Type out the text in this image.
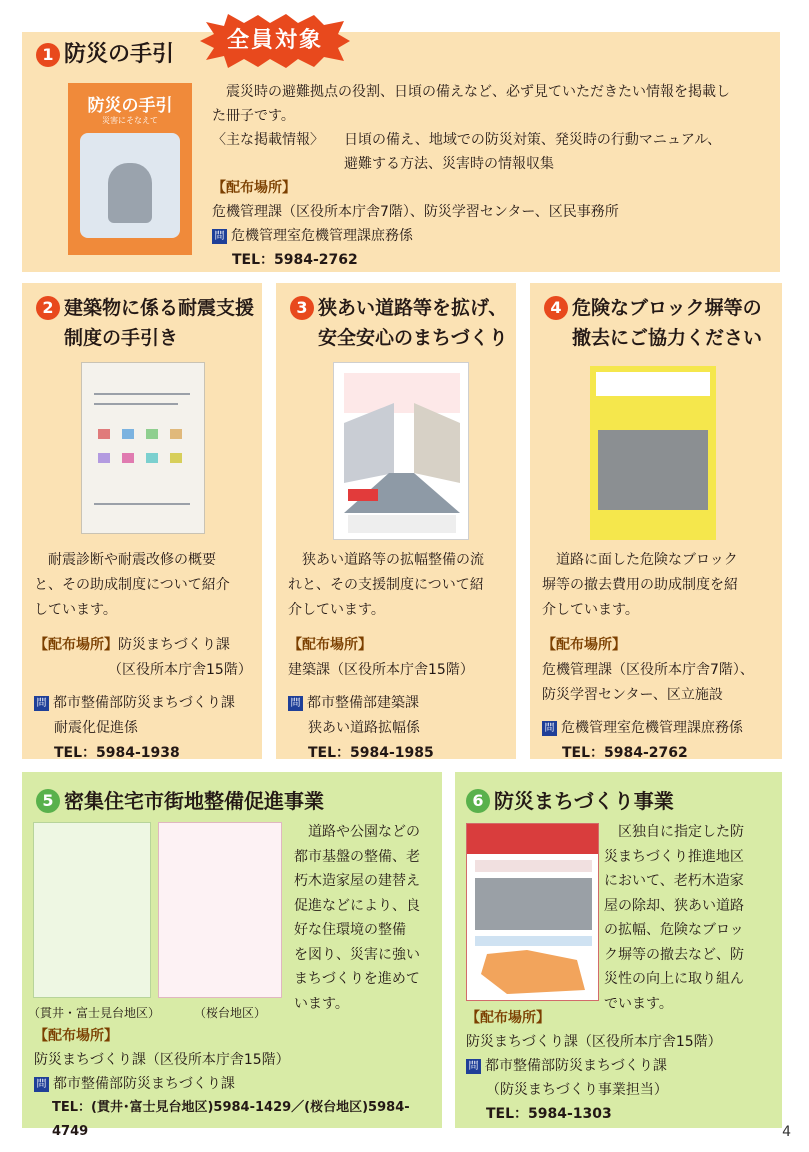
1 防災の手引
全員対象
防災の手引
災害にそなえて
震災時の避難拠点の役割、日頃の備えなど、必ず見ていただきたい情報を掲載し
た冊子です。
〈主な掲載情報〉 日頃の備え、地域での防災対策、発災時の行動マニュアル、
避難する方法、災害時の情報収集
【配布場所】
危機管理課（区役所本庁舎7階）、防災学習センター、区民事務所
問 危機管理室危機管理課庶務係
TEL：5984-2762
2 建築物に係る耐震支援
制度の手引き
耐震診断や耐震改修の概要
と、その助成制度について紹介
しています。
【配布場所】防災まちづくり課
（区役所本庁舎15階）
問 都市整備部防災まちづくり課
耐震化促進係
TEL：5984-1938
3 狭あい道路等を拡げ、
安全安心のまちづくり
狭あい道路等の拡幅整備の流
れと、その支援制度について紹
介しています。
【配布場所】
建築課（区役所本庁舎15階）
問 都市整備部建築課
狭あい道路拡幅係
TEL：5984-1985
4 危険なブロック塀等の
撤去にご協力ください
道路に面した危険なブロック
塀等の撤去費用の助成制度を紹
介しています。
【配布場所】
危機管理課（区役所本庁舎7階）、
防災学習センター、区立施設
問 危機管理室危機管理課庶務係
TEL：5984-2762
5 密集住宅市街地整備促進事業
道路や公園などの
都市基盤の整備、老
朽木造家屋の建替え
促進などにより、良
好な住環境の整備
を図り、災害に強い
まちづくりを進めて
います。
（貫井・富士見台地区）	（桜台地区）
【配布場所】
防災まちづくり課（区役所本庁舎15階）
問 都市整備部防災まちづくり課
TEL：(貫井･富士見台地区)5984-1429／(桜台地区)5984-4749
6 防災まちづくり事業
区独自に指定した防
災まちづくり推進地区
において、老朽木造家
屋の除却、狭あい道路
の拡幅、危険なブロッ
ク塀等の撤去など、防
災性の向上に取り組ん
でいます。
【配布場所】
防災まちづくり課（区役所本庁舎15階）
問 都市整備部防災まちづくり課
（防災まちづくり事業担当）
TEL：5984-1303
4
